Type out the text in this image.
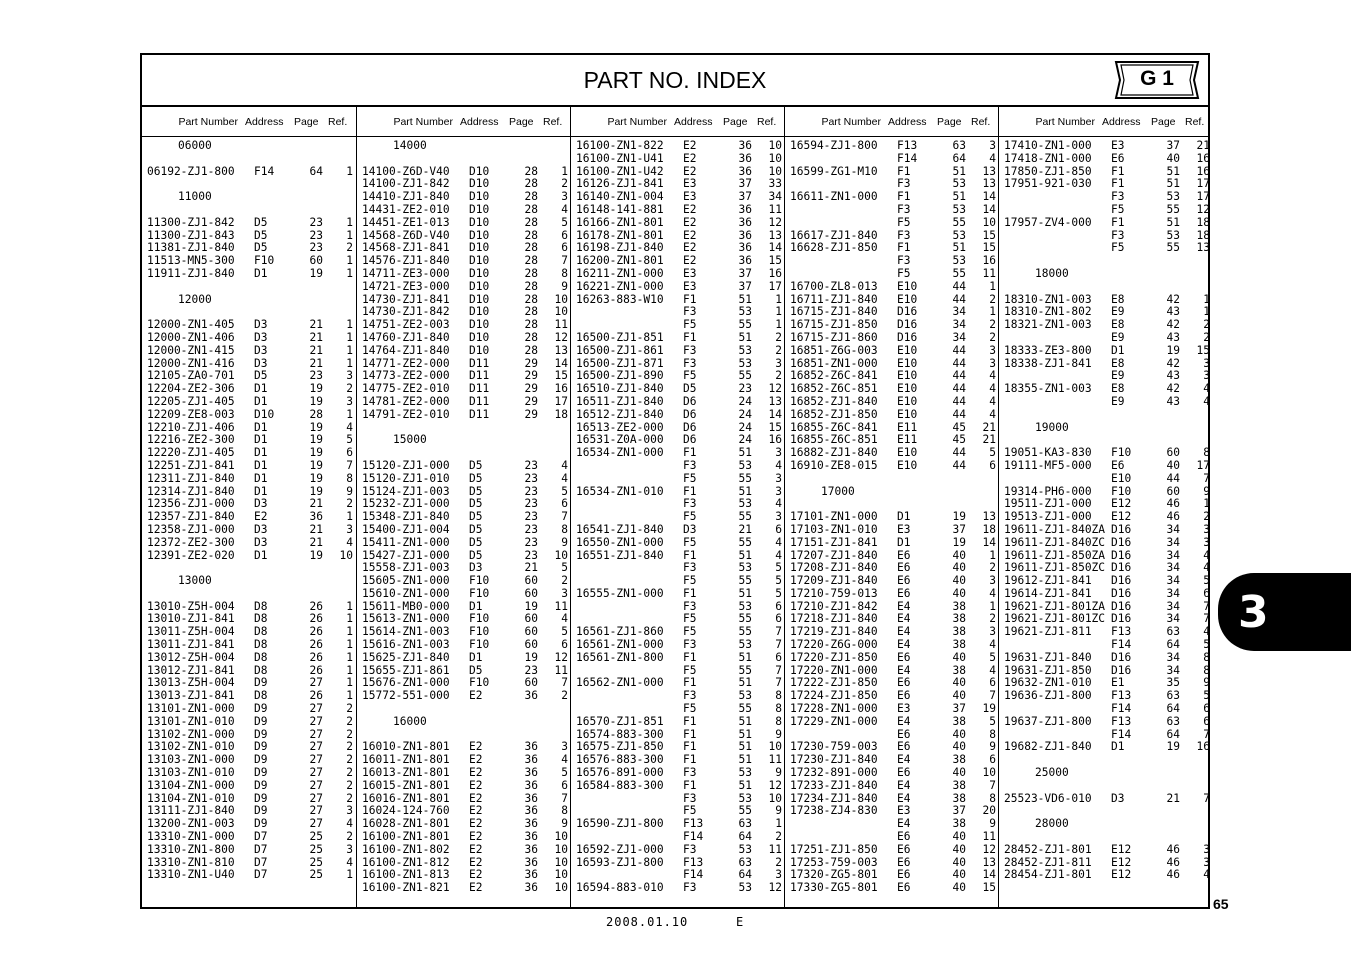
PART NO. INDEX	G 1
Part Number Address Page Ref.
06000
06192-ZJ1-800 F14	64	1
11000
11300-ZJ1-842 D5	23	1
11300-ZJ1-843 D5	23	1
11381-ZJ1-840 D5	23	2
11513-MN5-300 F10	60	1
11911-ZJ1-840 D1	19	1
12000
12000-ZN1-405 D3	21	1
12000-ZN1-406 D3	21	1
12000-ZN1-415 D3	21	1
12000-ZN1-416 D3	21	1
12105-ZA0-701 D5	23	3
12204-ZE2-306 D1	19	2
12205-ZJ1-405 D1	19	3
12209-ZE8-003 D10	28	1
12210-ZJ1-406 D1	19	4
12216-ZE2-300 D1	19	5
12220-ZJ1-405 D1	19	6
12251-ZJ1-841 D1	19	7
12311-ZJ1-840 D1	19	8
12314-ZJ1-840 D1	19	9
12356-ZJ1-000 D3	21	2
12357-ZJ1-840 E2	36	1
12358-ZJ1-000 D3	21	3
12372-ZE2-300 D3	21	4
12391-ZE2-020 D1	19	10
13000
13010-Z5H-004 D8	26	1
13010-ZJ1-841 D8	26	1
13011-Z5H-004 D8	26	1
13011-ZJ1-841 D8	26	1
13012-Z5H-004 D8	26	1
13012-ZJ1-841 D8	26	1
13013-Z5H-004 D9	27	1
13013-ZJ1-841 D8	26	1
13101-ZN1-000 D9	27	2
13101-ZN1-010 D9	27	2
13102-ZN1-000 D9	27	2
13102-ZN1-010 D9	27	2
13103-ZN1-000 D9	27	2
13103-ZN1-010 D9	27	2
13104-ZN1-000 D9	27	2
13104-ZN1-010 D9	27	2
13111-ZJ1-840 D9	27	3
13200-ZN1-003 D9	27	4
13310-ZN1-000 D7	25	2
13310-ZN1-800 D7	25	3
13310-ZN1-810 D7	25	4
13310-ZN1-U40 D7	25	1
Part Number Address Page Ref.
14000
14100-Z6D-V40 D10	28	1
14100-ZJ1-842 D10	28	2
14410-ZJ1-840 D10	28	3
14431-ZE2-010 D10	28	4
14451-ZE1-013 D10	28	5
14568-Z6D-V40 D10	28	6
14568-ZJ1-841 D10	28	6
14576-ZJ1-840 D10	28	7
14711-ZE3-000 D10	28	8
14721-ZE3-000 D10	28	9
14730-ZJ1-841 D10	28	10
14730-ZJ1-842 D10	28	10
14751-ZE2-003 D10	28	11
14760-ZJ1-840 D10	28	12
14764-ZJ1-840 D10	28	13
14771-ZE2-000 D11	29	14
14773-ZE2-000 D11	29	15
14775-ZE2-010 D11	29	16
14781-ZE2-000 D11	29	17
14791-ZE2-010 D11	29	18
15000
15120-ZJ1-000 D5	23	4
15120-ZJ1-010 D5	23	4
15124-ZJ1-003 D5	23	5
15232-ZJ1-000 D5	23	6
15348-ZJ1-840 D5	23	7
15400-ZJ1-004 D5	23	8
15411-ZN1-000 D5	23	9
15427-ZJ1-000 D5	23	10
15558-ZJ1-003 D3	21	5
15605-ZN1-000 F10	60	2
15610-ZN1-000 F10	60	3
15611-MB0-000 D1	19	11
15613-ZN1-000 F10	60	4
15614-ZN1-003 F10	60	5
15616-ZN1-003 F10	60	6
15625-ZJ1-840 D1	19	12
15655-ZJ1-861 D5	23	11
15676-ZN1-000 F10	60	7
15772-551-000 E2	36	2
16000
16010-ZN1-801 E2	36	3
16011-ZN1-801 E2	36	4
16013-ZN1-801 E2	36	5
16015-ZN1-801 E2	36	6
16016-ZN1-801 E2	36	7
16024-124-760 E2	36	8
16028-ZN1-801 E2	36	9
16100-ZN1-801 E2	36	10
16100-ZN1-802 E2	36	10
16100-ZN1-812 E2	36	10
16100-ZN1-813 E2	36	10
16100-ZN1-821 E2	36	10
Part Number Address Page Ref.
16100-ZN1-822 E2	36	10
16100-ZN1-U41 E2	36	10
16100-ZN1-U42 E2	36	10
16126-ZJ1-841 E3	37	33
16140-ZN1-004 E3	37	34
16148-141-881 E2	36	11
16166-ZN1-801 E2	36	12
16178-ZN1-801 E2	36	13
16198-ZJ1-840 E2	36	14
16200-ZN1-801 E2	36	15
16211-ZN1-000 E3	37	16
16221-ZN1-000 E3	37	17
16263-883-W10 F1	51	1
F3	53	1
F5	55	1
16500-ZJ1-851 F1	51	2
16500-ZJ1-861 F3	53	2
16500-ZJ1-871 F3	53	3
16500-ZJ1-890 F5	55	2
16510-ZJ1-840 D5	23	12
16511-ZJ1-840 D6	24	13
16512-ZJ1-840 D6	24	14
16513-ZE2-000 D6	24	15
16531-Z0A-000 D6	24	16
16534-ZN1-000 F1	51	3
F3	53	4
F5	55	3
16534-ZN1-010 F1	51	3
F3	53	4
F5	55	3
16541-ZJ1-840 D3	21	6
16550-ZN1-000 F5	55	4
16551-ZJ1-840 F1	51	4
F3	53	5
F5	55	5
16555-ZN1-000 F1	51	5
F3	53	6
F5	55	6
16561-ZJ1-860 F5	55	7
16561-ZN1-000 F3	53	7
16561-ZN1-800 F1	51	6
F5	55	7
16562-ZN1-000 F1	51	7
F3	53	8
F5	55	8
16570-ZJ1-851 F1	51	8
16574-883-300 F1	51	9
16575-ZJ1-850 F1	51	10
16576-883-300 F1	51	11
16576-891-000 F3	53	9
16584-883-300 F1	51	12
F3	53	10
F5	55	9
16590-ZJ1-800 F13	63	1
F14	64	2
16592-ZJ1-000 F3	53	11
16593-ZJ1-800 F13	63	2
F14	64	3
16594-883-010 F3	53	12
Part Number Address Page Ref.
16594-ZJ1-800 F13	63	3
F14	64	4
16599-ZG1-M10 F1	51	13
F3	53	13
16611-ZN1-000 F1	51	14
F3	53	14
F5	55	10
16617-ZJ1-840 F3	53	15
16628-ZJ1-850 F1	51	15
F3	53	16
F5	55	11
16700-ZL8-013 E10	44	1
16711-ZJ1-840 E10	44	2
16715-ZJ1-840 D16	34	1
16715-ZJ1-850 D16	34	2
16715-ZJ1-860 D16	34	2
16851-Z6G-003 E10	44	3
16851-ZN1-000 E10	44	3
16852-Z6C-841 E10	44	4
16852-Z6C-851 E10	44	4
16852-ZJ1-840 E10	44	4
16852-ZJ1-850 E10	44	4
16855-Z6C-841 E11	45	21
16855-Z6C-851 E11	45	21
16882-ZJ1-840 E10	44	5
16910-ZE8-015 E10	44	6
17000
17101-ZN1-000 D1	19	13
17103-ZN1-010 E3	37	18
17151-ZJ1-841 D1	19	14
17207-ZJ1-840 E6	40	1
17208-ZJ1-840 E6	40	2
17209-ZJ1-840 E6	40	3
17210-759-013 E6	40	4
17210-ZJ1-842 E4	38	1
17218-ZJ1-840 E4	38	2
17219-ZJ1-840 E4	38	3
17220-Z6G-000 E4	38	4
17220-ZJ1-850 E6	40	5
17220-ZN1-000 E4	38	4
17222-ZJ1-850 E6	40	6
17224-ZJ1-850 E6	40	7
17228-ZN1-000 E3	37	19
17229-ZN1-000 E4	38	5
E6	40	8
17230-759-003 E6	40	9
17230-ZJ1-840 E4	38	6
17232-891-000 E6	40	10
17233-ZJ1-840 E4	38	7
17234-ZJ1-840 E4	38	8
17238-ZJ4-830 E3	37	20
E4	38	9
E6	40	11
17251-ZJ1-850 E6	40	12
17253-759-003 E6	40	13
17320-ZG5-801 E6	40	14
17330-ZG5-801 E6	40	15
Part Number Address Page Ref.
17410-ZN1-000 E3	37	21
17418-ZN1-000 E6	40	16
17850-ZJ1-850 F1	51	16
17951-921-030 F1	51	17
F3	53	17
F5	55	12
17957-ZV4-000 F1	51	18
F3	53	18
F5	55	13
18000
18310-ZN1-003 E8	42	1
18310-ZN1-802 E9	43	1
18321-ZN1-003 E8	42	2
E9	43	2
18333-ZE3-800 D1	19	15
18338-ZJ1-841 E8	42	3
E9	43	3
18355-ZN1-003 E8	42	4
E9	43	4
19000
19051-KA3-830 F10	60	8
19111-MF5-000 E6	40	17
E10	44	7
19314-PH6-000 F10	60	9
19511-ZJ1-000 E12	46	1
19513-ZJ1-000 E12	46	2
19611-ZJ1-840ZA D16	34	3
19611-ZJ1-840ZC D16	34	3
19611-ZJ1-850ZA D16	34	4
19611-ZJ1-850ZC D16	34	4
19612-ZJ1-841 D16	34	5
19614-ZJ1-841 D16	34	6
19621-ZJ1-801ZA D16	34	7
19621-ZJ1-801ZC D16	34	7
19621-ZJ1-811 F13	63	4
F14	64	5
19631-ZJ1-840 D16	34	8
19631-ZJ1-850 D16	34	8
19632-ZN1-010 E1	35	9
19636-ZJ1-800 F13	63	5
F14	64	6
19637-ZJ1-800 F13	63	6
F14	64	7
19682-ZJ1-840 D1	19	16
25000
25523-VD6-010 D3	21	7
28000
28452-ZJ1-801 E12	46	3
28452-ZJ1-811 E12	46	3
28454-ZJ1-801 E12	46	4
3
65
2008.01.10	E
